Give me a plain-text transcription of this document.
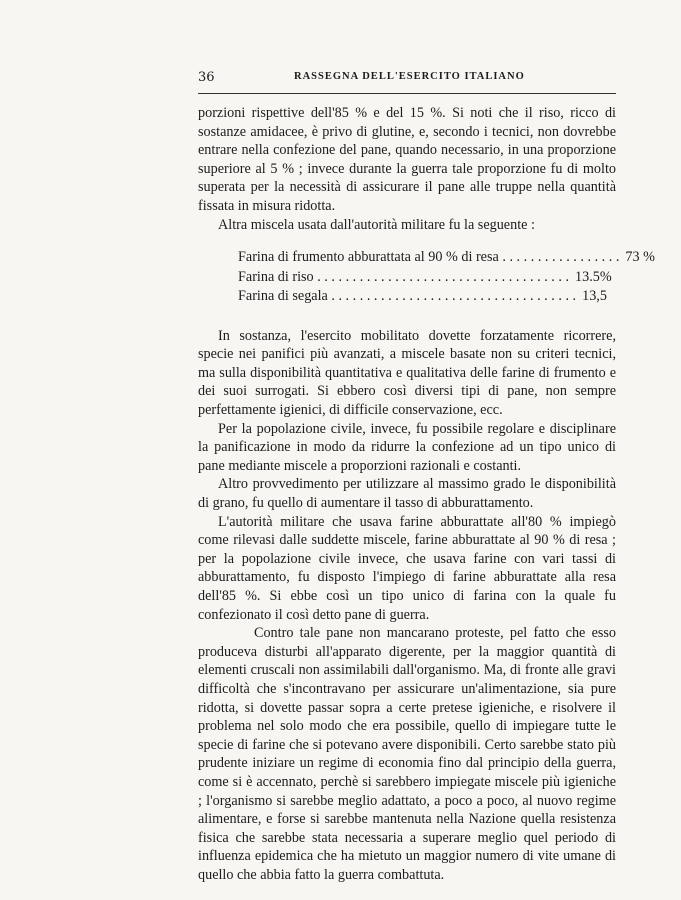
36	RASSEGNA DELL'ESERCITO ITALIANO

porzioni rispettive dell'85 % e del 15 %. Si noti che il riso, ricco di sostanze amidacee, è privo di glutine, e, secondo i tecnici, non dovrebbe entrare nella confezione del pane, quando necessario, in una proporzione superiore al 5 % ; invece durante la guerra tale proporzione fu di molto superata per la necessità di assicurare il pane alle truppe nella quantità fissata in misura ridotta.

Altra miscela usata dall'autorità militare fu la seguente :

Farina di frumento abburattata al 90 % di resa . . . . . . . . . . . . . . . . . 73 %
Farina di riso . . . . . . . . . . . . . . . . . . . . . . . . . . . . . . . . . . . . 13.5%
Farina di segala . . . . . . . . . . . . . . . . . . . . . . . . . . . . . . . . . . . 13,5

In sostanza, l'esercito mobilitato dovette forzatamente ricorrere, specie nei panifici più avanzati, a miscele basate non su criteri tecnici, ma sulla disponibilità quantitativa e qualitativa delle farine di frumento e dei suoi surrogati. Si ebbero così diversi tipi di pane, non sempre perfettamente igienici, di difficile conservazione, ecc.

Per la popolazione civile, invece, fu possibile regolare e disciplinare la panificazione in modo da ridurre la confezione ad un tipo unico di pane mediante miscele a proporzioni razionali e costanti.

Altro provvedimento per utilizzare al massimo grado le disponibilità di grano, fu quello di aumentare il tasso di abburattamento.

L'autorità militare che usava farine abburattate all'80 % impiegò come rilevasi dalle suddette miscele, farine abburattate al 90 % di resa ; per la popolazione civile invece, che usava farine con vari tassi di abburattamento, fu disposto l'impiego di farine abburattate alla resa dell'85 %. Si ebbe così un tipo unico di farina con la quale fu confezionato il così detto pane di guerra.

Contro tale pane non mancarano proteste, pel fatto che esso produceva disturbi all'apparato digerente, per la maggior quantità di elementi cruscali non assimilabili dall'organismo. Ma, di fronte alle gravi difficoltà che s'incontravano per assicurare un'alimentazione, sia pure ridotta, si dovette passar sopra a certe pretese igieniche, e risolvere il problema nel solo modo che era possibile, quello di impiegare tutte le specie di farine che si potevano avere disponibili. Certo sarebbe stato più prudente iniziare un regime di economia fino dal principio della guerra, come si è accennato, perchè si sarebbero impiegate miscele più igieniche ; l'organismo si sarebbe meglio adattato, a poco a poco, al nuovo regime alimentare, e forse si sarebbe mantenuta nella Nazione quella resistenza fisica che sarebbe stata necessaria a superare meglio quel periodo di influenza epidemica che ha mietuto un maggior numero di vite umane di quello che abbia fatto la guerra combattuta.
